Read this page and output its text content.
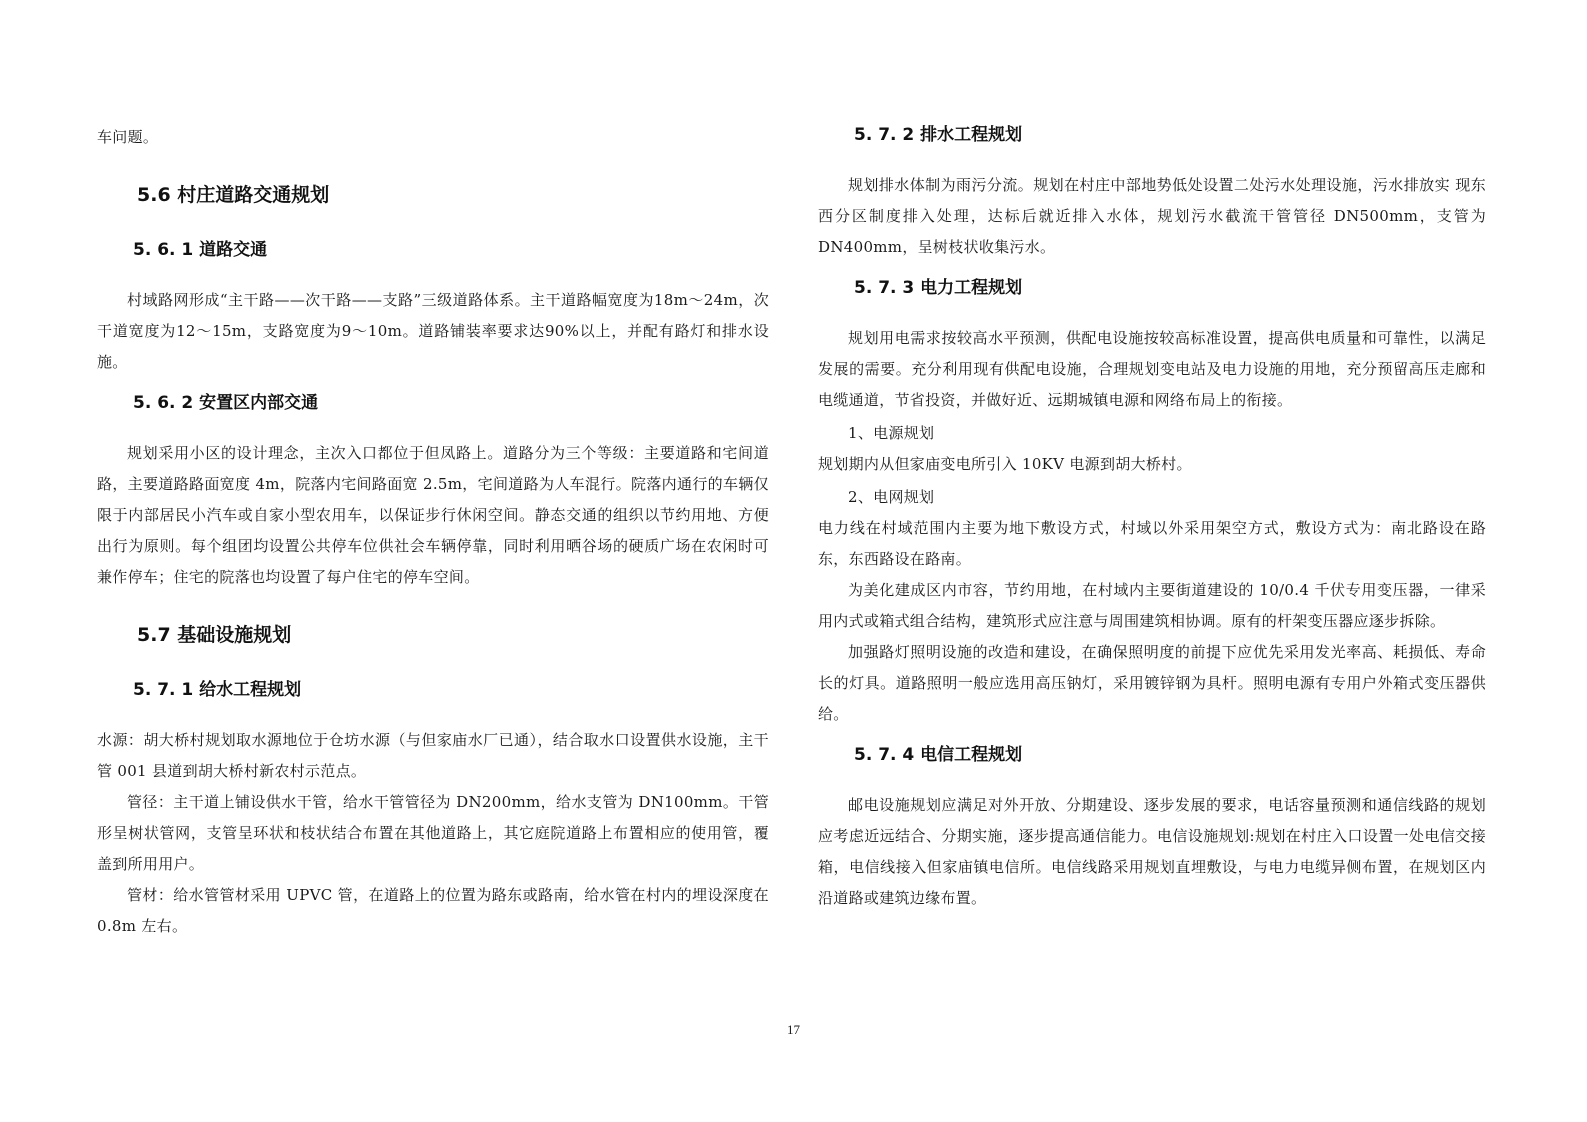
车问题。

5.6 村庄道路交通规划
5. 6. 1 道路交通

村域路网形成“主干路——次干路——支路”三级道路体系。主干道路幅宽度为18m～24m，次干道宽度为12～15m，支路宽度为9～10m。道路铺装率要求达90%以上，并配有路灯和排水设施。

5. 6. 2 安置区内部交通

规划采用小区的设计理念，主次入口都位于但凤路上。道路分为三个等级：主要道路和宅间道路，主要道路路面宽度 4m，院落内宅间路面宽 2.5m，宅间道路为人车混行。院落内通行的车辆仅限于内部居民小汽车或自家小型农用车，以保证步行休闲空间。静态交通的组织以节约用地、方便出行为原则。每个组团均设置公共停车位供社会车辆停靠，同时利用晒谷场的硬质广场在农闲时可兼作停车；住宅的院落也均设置了每户住宅的停车空间。

5.7 基础设施规划
5. 7. 1 给水工程规划

水源：胡大桥村规划取水源地位于仓坊水源（与但家庙水厂已通），结合取水口设置供水设施，主干管 001 县道到胡大桥村新农村示范点。

管径：主干道上铺设供水干管，给水干管管径为 DN200mm，给水支管为 DN100mm。干管形呈树状管网，支管呈环状和枝状结合布置在其他道路上，其它庭院道路上布置相应的使用管，覆盖到所用用户。

管材：给水管管材采用 UPVC 管，在道路上的位置为路东或路南，给水管在村内的埋设深度在 0.8m 左右。

5. 7. 2 排水工程规划

规划排水体制为雨污分流。规划在村庄中部地势低处设置二处污水处理设施，污水排放实 现东西分区制度排入处理，达标后就近排入水体，规划污水截流干管管径 DN500mm，支管为DN400mm，呈树枝状收集污水。

5. 7. 3 电力工程规划

规划用电需求按较高水平预测，供配电设施按较高标准设置，提高供电质量和可靠性，以满足发展的需要。充分利用现有供配电设施，合理规划变电站及电力设施的用地，充分预留高压走廊和电缆通道，节省投资，并做好近、远期城镇电源和网络布局上的衔接。

1、电源规划

规划期内从但家庙变电所引入 10KV 电源到胡大桥村。

2、电网规划

电力线在村域范围内主要为地下敷设方式，村域以外采用架空方式，敷设方式为：南北路设在路东，东西路设在路南。

为美化建成区内市容，节约用地，在村域内主要街道建设的 10/0.4 千伏专用变压器，一律采用内式或箱式组合结构，建筑形式应注意与周围建筑相协调。原有的杆架变压器应逐步拆除。

加强路灯照明设施的改造和建设，在确保照明度的前提下应优先采用发光率高、耗损低、寿命长的灯具。道路照明一般应选用高压钠灯，采用镀锌钢为具杆。照明电源有专用户外箱式变压器供给。

5. 7. 4 电信工程规划

邮电设施规划应满足对外开放、分期建设、逐步发展的要求，电话容量预测和通信线路的规划应考虑近远结合、分期实施，逐步提高通信能力。电信设施规划:规划在村庄入口设置一处电信交接箱，电信线接入但家庙镇电信所。电信线路采用规划直埋敷设，与电力电缆异侧布置，在规划区内沿道路或建筑边缘布置。

17
